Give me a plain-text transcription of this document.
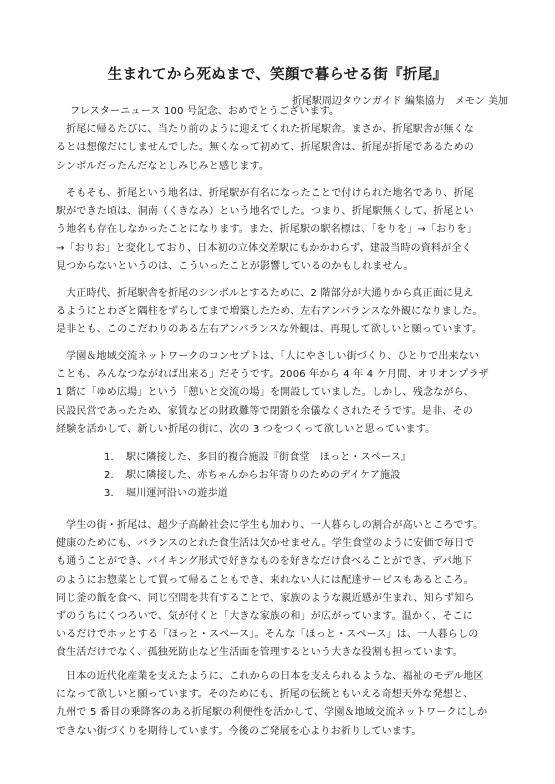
生まれてから死ぬまで、笑顔で暮らせる街『折尾』
折尾駅周辺タウンガイド 編集協力　メモン 美加
フレスターニュース 100 号記念、おめでとうございます。
折尾に帰るたびに、当たり前のように迎えてくれた折尾駅舎。まさか、折尾駅舎が無くな
るとは想像だにしませんでした。無くなって初めて、折尾駅舎は、折尾が折尾であるための
シンボルだったんだなとしみじみと感じます。
そもそも、折尾という地名は、折尾駅が有名になったことで付けられた地名であり、折尾
駅ができた頃は、洞南（くきなみ）という地名でした。つまり、折尾駅無くして、折尾とい
う地名も存在しなかったことになります。また、折尾駅の駅名標は、「をりを」→「おりを」
→「おりお」と変化しており、日本初の立体交差駅にもかかわらず、建設当時の資料が全く
見つからないというのは、こういったことが影響しているのかもしれません。
大正時代、折尾駅舎を折尾のシンボルとするために、2 階部分が大通りから真正面に見え
るようにとわざと隅柱をずらしてまで増築したため、左右アンバランスな外観になりました。
是非とも、このこだわりのある左右アンバランスな外観は、再現して欲しいと願っています。
学園＆地域交流ネットワークのコンセプトは、「人にやさしい街づくり、ひとりで出来ない
ことも、みんなつながれば出来る」だそうです。2006 年から 4 年 4 ケ月間、オリオンプラザ
1 階に「ゆめ広場」という「憩いと交流の場」を開設していました。しかし、残念ながら、
民設民営であったため、家賃などの財政難等で閉鎖を余儀なくされたそうです。是非、その
経験を活かして、新しい折尾の街に、次の 3 つをつくって欲しいと思っています。
1． 駅に隣接した、多目的複合施設『街食堂　ほっと・スペース』
2． 駅に隣接した、赤ちゃんからお年寄りのためのデイケア施設
3． 堀川運河沿いの遊歩道
学生の街・折尾は、超少子高齢社会に学生も加わり、一人暮らしの割合が高いところです。
健康のためにも、バランスのとれた食生活は欠かせません。学生食堂のように安価で毎日で
も通うことができ、バイキング形式で好きなものを好きなだけ食べることができ、デパ地下
のようにお惣菜として買って帰ることもでき、来れない人には配達サービスもあるところ。
同じ釜の飯を食べ、同じ空間を共有することで、家族のような親近感が生まれ、知らず知ら
ずのうちにくつろいで、気が付くと「大きな家族の和」が広がっています。温かく、そこに
いるだけでホッとする「ほっと・スペース」。そんな「ほっと・スペース」は、一人暮らしの
食生活だけでなく、孤独死防止など生活面を管理するという大きな役割も担っています。
日本の近代化産業を支えたように、これからの日本を支えられるような、福祉のモデル地区
になって欲しいと願っています。そのためにも、折尾の伝統ともいえる奇想天外な発想と、
九州で 5 番目の乗降客のある折尾駅の利便性を活かして、学園＆地域交流ネットワークにしか
できない街づくりを期待しています。今後のご発展を心よりお祈りしています。
